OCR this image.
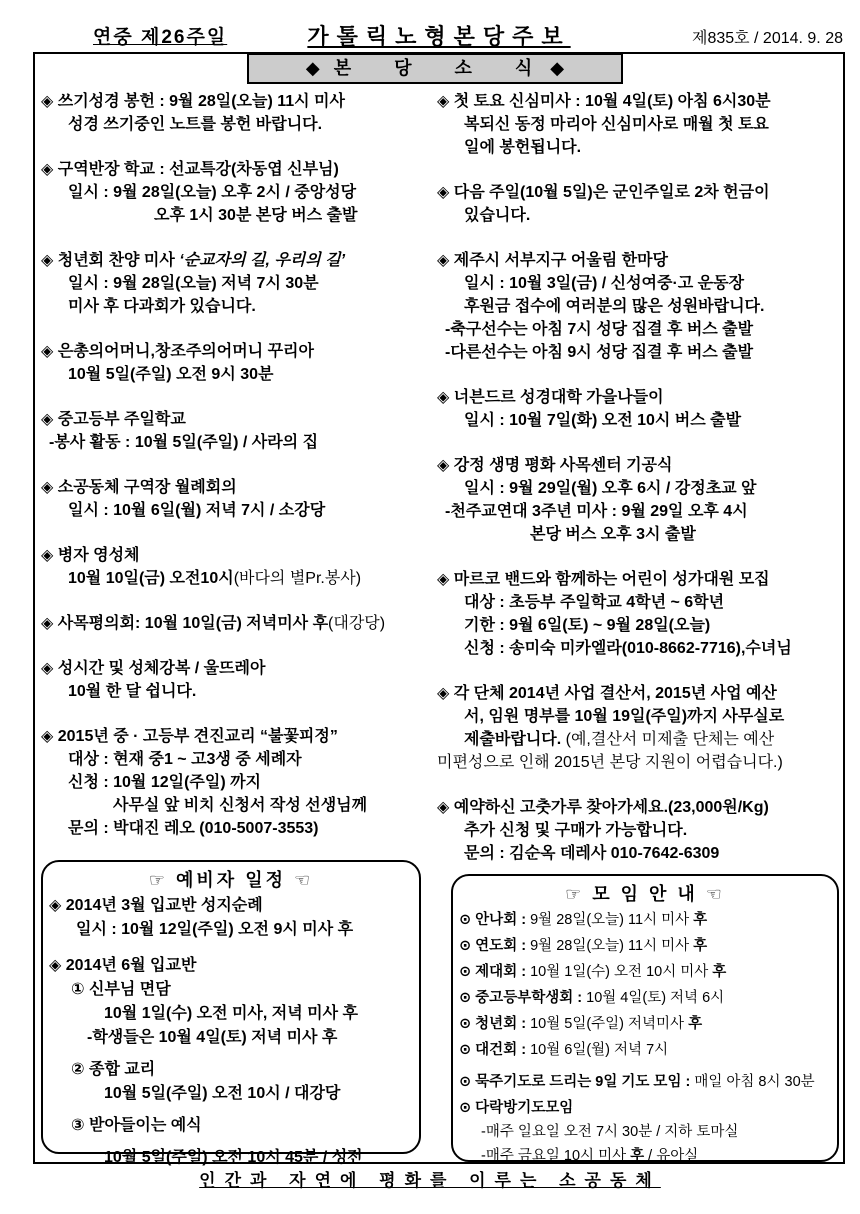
연중 제26주일	가톨릭노형본당주보	제835호 / 2014. 9. 28
◆ 본 당 소 식 ◆
◈ 쓰기성경 봉헌 : 9월 28일(오늘) 11시 미사
성경 쓰기중인 노트를 봉헌 바랍니다.
◈ 구역반장 학교 : 선교특강(차동엽 신부님)
일시 : 9월 28일(오늘) 오후 2시 / 중앙성당
오후 1시 30분 본당 버스 출발
◈ 청년회 찬양 미사 ‘순교자의 길, 우리의 길’
일시 : 9월 28일(오늘) 저녁 7시 30분
미사 후 다과회가 있습니다.
◈ 은총의어머니,창조주의어머니 꾸리아
10월 5일(주일) 오전 9시 30분
◈ 중고등부 주일학교
-봉사 활동 : 10월 5일(주일) / 사라의 집
◈ 소공동체 구역장 월례회의
일시 : 10월 6일(월) 저녁 7시 / 소강당
◈ 병자 영성체
10월 10일(금) 오전10시(바다의 별Pr.봉사)
◈ 사목평의회: 10월 10일(금) 저녁미사 후(대강당)
◈ 성시간 및 성체강복 / 울뜨레아
10월 한 달 쉽니다.
◈ 2015년 중 · 고등부 견진교리 “불꽃피정”
대상 : 현재 중1 ~ 고3생 중 세례자
신청 : 10월 12일(주일) 까지
사무실 앞 비치 신청서 작성 선생님께
문의 : 박대진 레오 (010-5007-3553)
◈ 첫 토요 신심미사 : 10월 4일(토) 아침 6시30분
복되신 동정 마리아 신심미사로 매월 첫 토요
일에 봉헌됩니다.
◈ 다음 주일(10월 5일)은 군인주일로 2차 헌금이
있습니다.
◈ 제주시 서부지구 어울림 한마당
일시 : 10월 3일(금) / 신성여중·고 운동장
후원금 접수에 여러분의 많은 성원바랍니다.
-축구선수는 아침 7시 성당 집결 후 버스 출발
-다른선수는 아침 9시 성당 집결 후 버스 출발
◈ 너븐드르 성경대학 가을나들이
일시 : 10월 7일(화) 오전 10시 버스 출발
◈ 강정 생명 평화 사목센터 기공식
일시 : 9월 29일(월) 오후 6시 / 강정초교 앞
-천주교연대 3주년 미사 : 9월 29일 오후 4시
본당 버스 오후 3시 출발
◈ 마르코 밴드와 함께하는 어린이 성가대원 모집
대상 : 초등부 주일학교 4학년 ~ 6학년
기한 : 9월 6일(토) ~ 9월 28일(오늘)
신청 : 송미숙 미카엘라(010-8662-7716),수녀님
◈ 각 단체 2014년 사업 결산서, 2015년 사업 예산
서, 임원 명부를 10월 19일(주일)까지 사무실로
제출바랍니다. (예,결산서 미제출 단체는 예산
미편성으로 인해 2015년 본당 지원이 어렵습니다.)
◈ 예약하신 고춧가루 찾아가세요.(23,000원/Kg)
추가 신청 및 구매가 가능합니다.
문의 : 김순옥 데레사 010-7642-6309
☞ 예비자 일정 ☜
◈ 2014년 3월 입교반 성지순례
일시 : 10월 12일(주일) 오전 9시 미사 후
◈ 2014년 6월 입교반
① 신부님 면담
10월 1일(수) 오전 미사, 저녁 미사 후
-학생들은 10월 4일(토) 저녁 미사 후
② 종합 교리
10월 5일(주일) 오전 10시 / 대강당
③ 받아들이는 예식
10월 5일(주일) 오전 10시 45분 / 성전
☞ 모 임 안 내 ☜
⊙ 안나회 : 9월 28일(오늘) 11시 미사 후
⊙ 연도회 : 9월 28일(오늘) 11시 미사 후
⊙ 제대회 : 10월 1일(수) 오전 10시 미사 후
⊙ 중고등부학생회 : 10월 4일(토) 저녁 6시
⊙ 청년회 : 10월 5일(주일) 저녁미사 후
⊙ 대건회 : 10월 6일(월) 저녁 7시
⊙ 묵주기도로 드리는 9일 기도 모임 : 매일 아침 8시 30분
⊙ 다락방기도모임
-매주 일요일 오전 7시 30분 / 지하 토마실
-매주 금요일 10시 미사 후 / 유아실
인간과 자연에 평화를 이루는 소공동체
